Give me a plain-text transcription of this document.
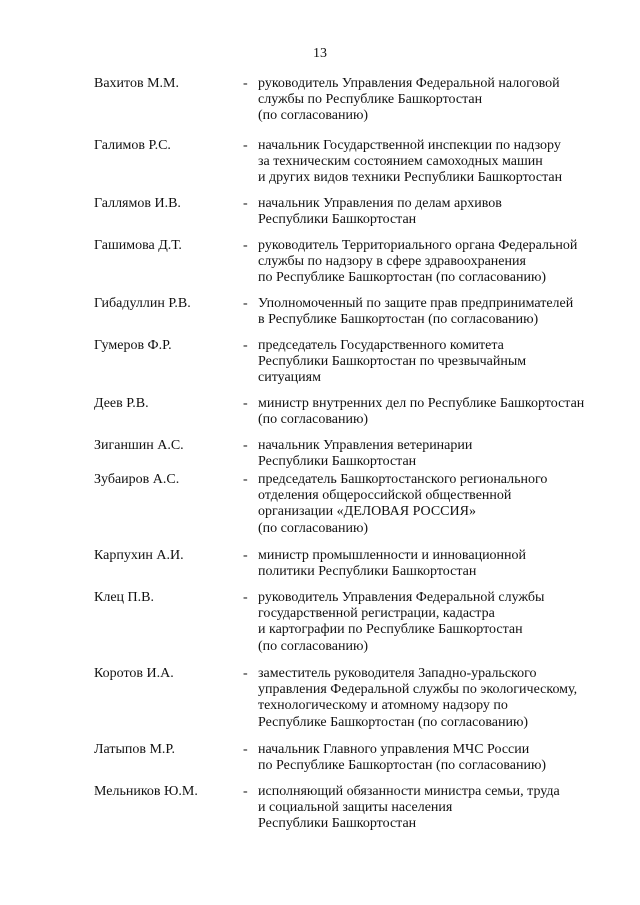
13
Вахитов М.М.	- руководитель Управления Федеральной налоговой
службы по Республике Башкортостан
(по согласованию)
Галимов Р.С.	- начальник Государственной инспекции по надзору
за техническим состоянием самоходных машин
и других видов техники Республики Башкортостан
Галлямов И.В.	- начальник Управления по делам архивов
Республики Башкортостан
Гашимова Д.Т.	- руководитель Территориального органа Федеральной
службы по надзору в сфере здравоохранения
по Республике Башкортостан (по согласованию)
Гибадуллин Р.В.	- Уполномоченный по защите прав предпринимателей
в Республике Башкортостан (по согласованию)
Гумеров Ф.Р.	- председатель Государственного комитета
Республики Башкортостан по чрезвычайным
ситуациям
Деев Р.В.	- министр внутренних дел по Республике Башкортостан
(по согласованию)
Зиганшин А.С.	- начальник Управления ветеринарии
Республики Башкортостан
Зубаиров А.С.	- председатель Башкортостанского регионального
отделения общероссийской общественной
организации «ДЕЛОВАЯ РОССИЯ»
(по согласованию)
Карпухин А.И.	- министр промышленности и инновационной
политики Республики Башкортостан
Клец П.В.	- руководитель Управления Федеральной службы
государственной регистрации, кадастра
и картографии по Республике Башкортостан
(по согласованию)
Коротов И.А.	- заместитель руководителя Западно-уральского
управления Федеральной службы по экологическому,
технологическому и атомному надзору по
Республике Башкортостан (по согласованию)
Латыпов М.Р.	- начальник Главного управления МЧС России
по Республике Башкортостан (по согласованию)
Мельников Ю.М.	- исполняющий обязанности министра семьи, труда
и социальной защиты населения
Республики Башкортостан
